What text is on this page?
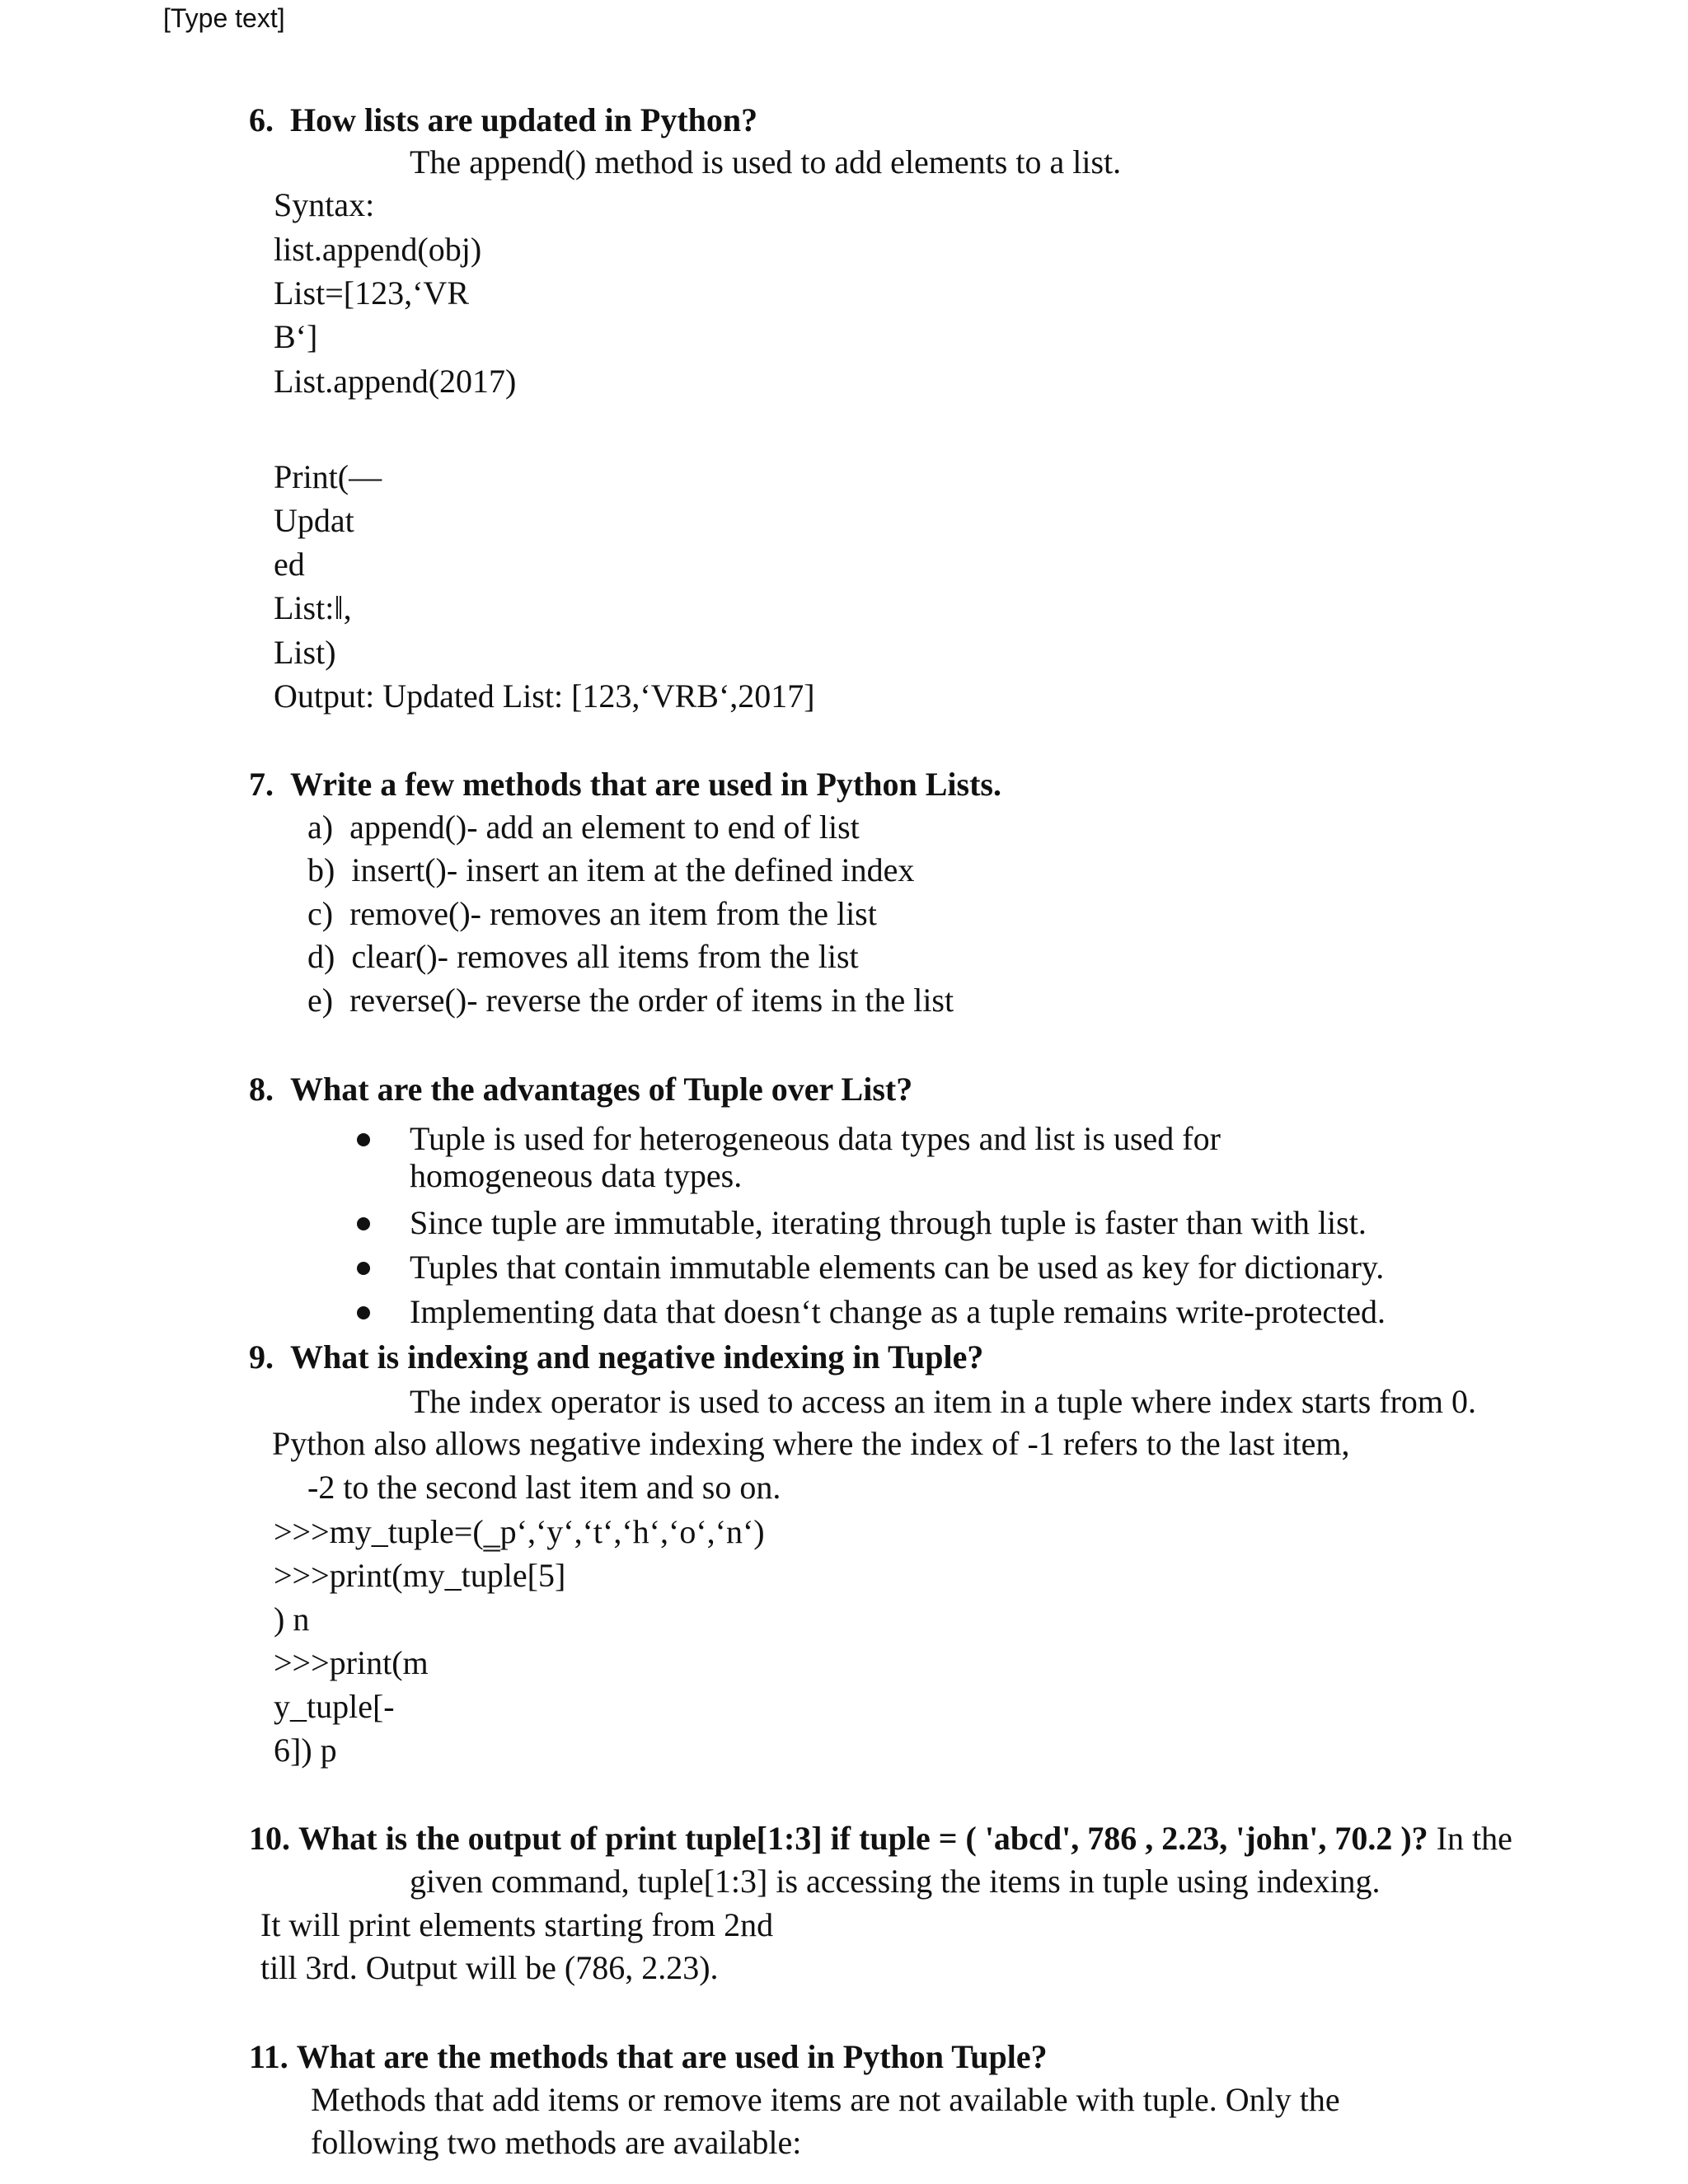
[Type text]
6. How lists are updated in Python?
The append() method is used to add elements to a list.
Syntax:
list.append(obj)
List=[123,‘VR
B‘]
List.append(2017)
Print(—
Updat
ed
List:‖,
List)
Output: Updated List: [123,‘VRB‘,2017]
7. Write a few methods that are used in Python Lists.
a) append()- add an element to end of list
b) insert()- insert an item at the defined index
c) remove()- removes an item from the list
d) clear()- removes all items from the list
e) reverse()- reverse the order of items in the list
8. What are the advantages of Tuple over List?
Tuple is used for heterogeneous data types and list is used for
homogeneous data types.
Since tuple are immutable, iterating through tuple is faster than with list.
Tuples that contain immutable elements can be used as key for dictionary.
Implementing data that doesn‘t change as a tuple remains write-protected.
9. What is indexing and negative indexing in Tuple?
The index operator is used to access an item in a tuple where index starts from 0.
Python also allows negative indexing where the index of -1 refers to the last item,
-2 to the second last item and so on.
>>>my_tuple=(‗p‘,‘y‘,‘t‘,‘h‘,‘o‘,‘n‘)
>>>print(my_tuple[5]
) n
>>>print(m
y_tuple[-
6]) p
10. What is the output of print tuple[1:3] if tuple = ( 'abcd', 786 , 2.23, 'john', 70.2 )? In the
given command, tuple[1:3] is accessing the items in tuple using indexing.
It will print elements starting from 2nd
till 3rd. Output will be (786, 2.23).
11. What are the methods that are used in Python Tuple?
Methods that add items or remove items are not available with tuple. Only the
following two methods are available:
